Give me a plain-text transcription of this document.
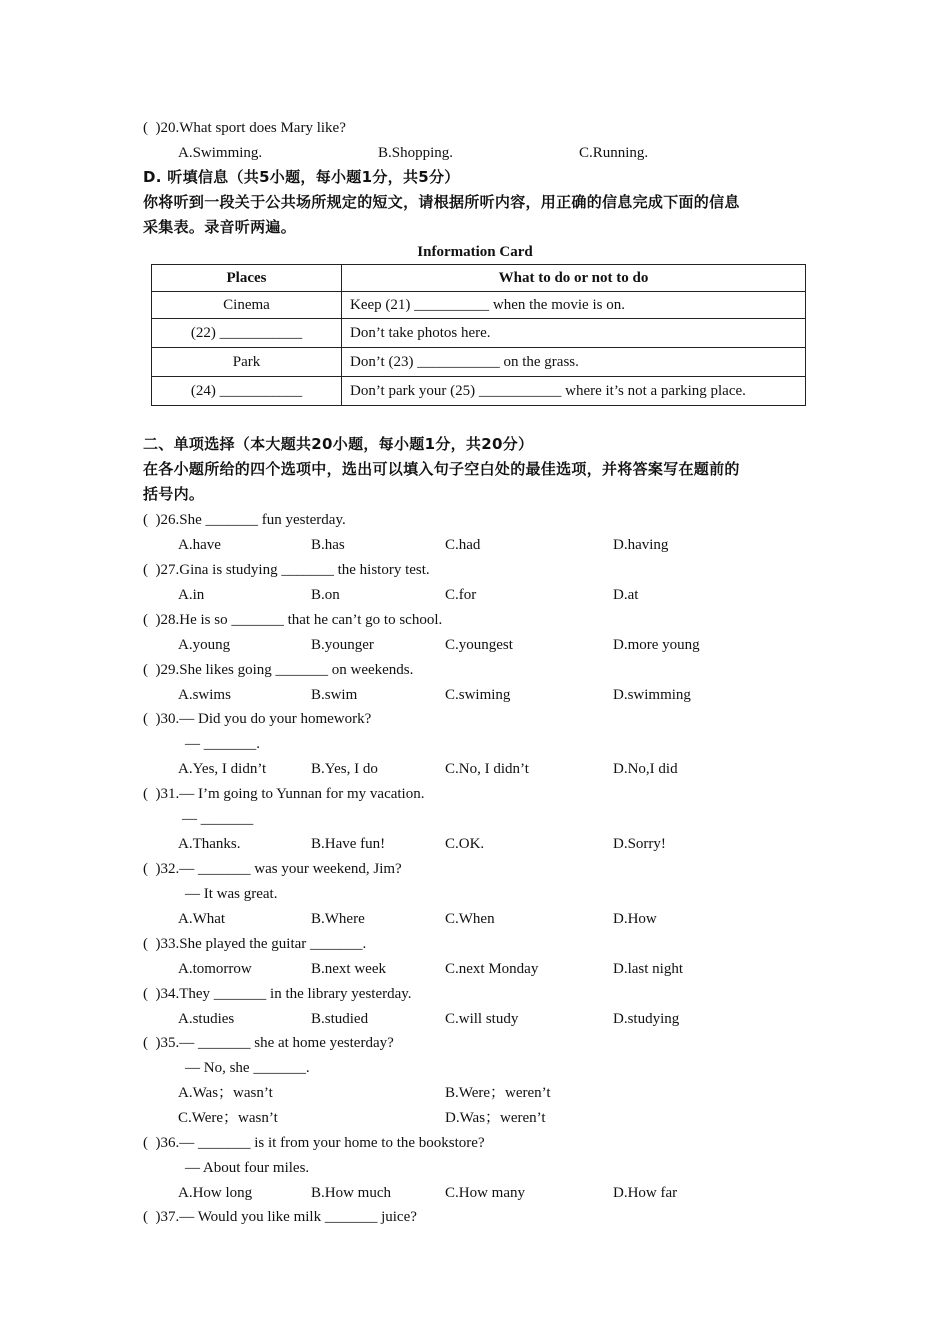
(  )20.What sport does Mary like?
A.Swimming.	B.Shopping.	C.Running.
D. 听填信息（共5小题，每小题1分，共5分）
你将听到一段关于公共场所规定的短文，请根据所听内容，用正确的信息完成下面的信息
采集表。录音听两遍。
Information Card
Places	What to do or not to do
Cinema	Keep (21) __________ when the movie is on.
(22) ___________	Don’t take photos here.
Park	Don’t (23) ___________ on the grass.
(24) ___________	Don’t park your (25) ___________ where it’s not a parking place.
二、单项选择（本大题共20小题，每小题1分，共20分）
在各小题所给的四个选项中，选出可以填入句子空白处的最佳选项，并将答案写在题前的
括号内。
(  )26.She _______ fun yesterday.
A.have	B.has	C.had	D.having
(  )27.Gina is studying _______ the history test.
A.in	B.on	C.for	D.at
(  )28.He is so _______ that he can’t go to school.
A.young	B.younger	C.youngest	D.more young
(  )29.She likes going _______ on weekends.
A.swims	B.swim	C.swiming	D.swimming
(  )30.— Did you do your homework?
— _______.
A.Yes, I didn’t	B.Yes, I do	C.No, I didn’t	D.No,I did
(  )31.— I’m going to Yunnan for my vacation.
— _______
A.Thanks.	B.Have fun!	C.OK.	D.Sorry!
(  )32.— _______ was your weekend, Jim?
— It was great.
A.What	B.Where	C.When	D.How
(  )33.She played the guitar _______.
A.tomorrow	B.next week	C.next Monday	D.last night
(  )34.They _______ in the library yesterday.
A.studies	B.studied	C.will study	D.studying
(  )35.— _______ she at home yesterday?
— No, she _______.
A.Was；wasn’t	B.Were；weren’t
C.Were；wasn’t	D.Was；weren’t
(  )36.— _______ is it from your home to the bookstore?
— About four miles.
A.How long	B.How much	C.How many	D.How far
(  )37.— Would you like milk _______ juice?
